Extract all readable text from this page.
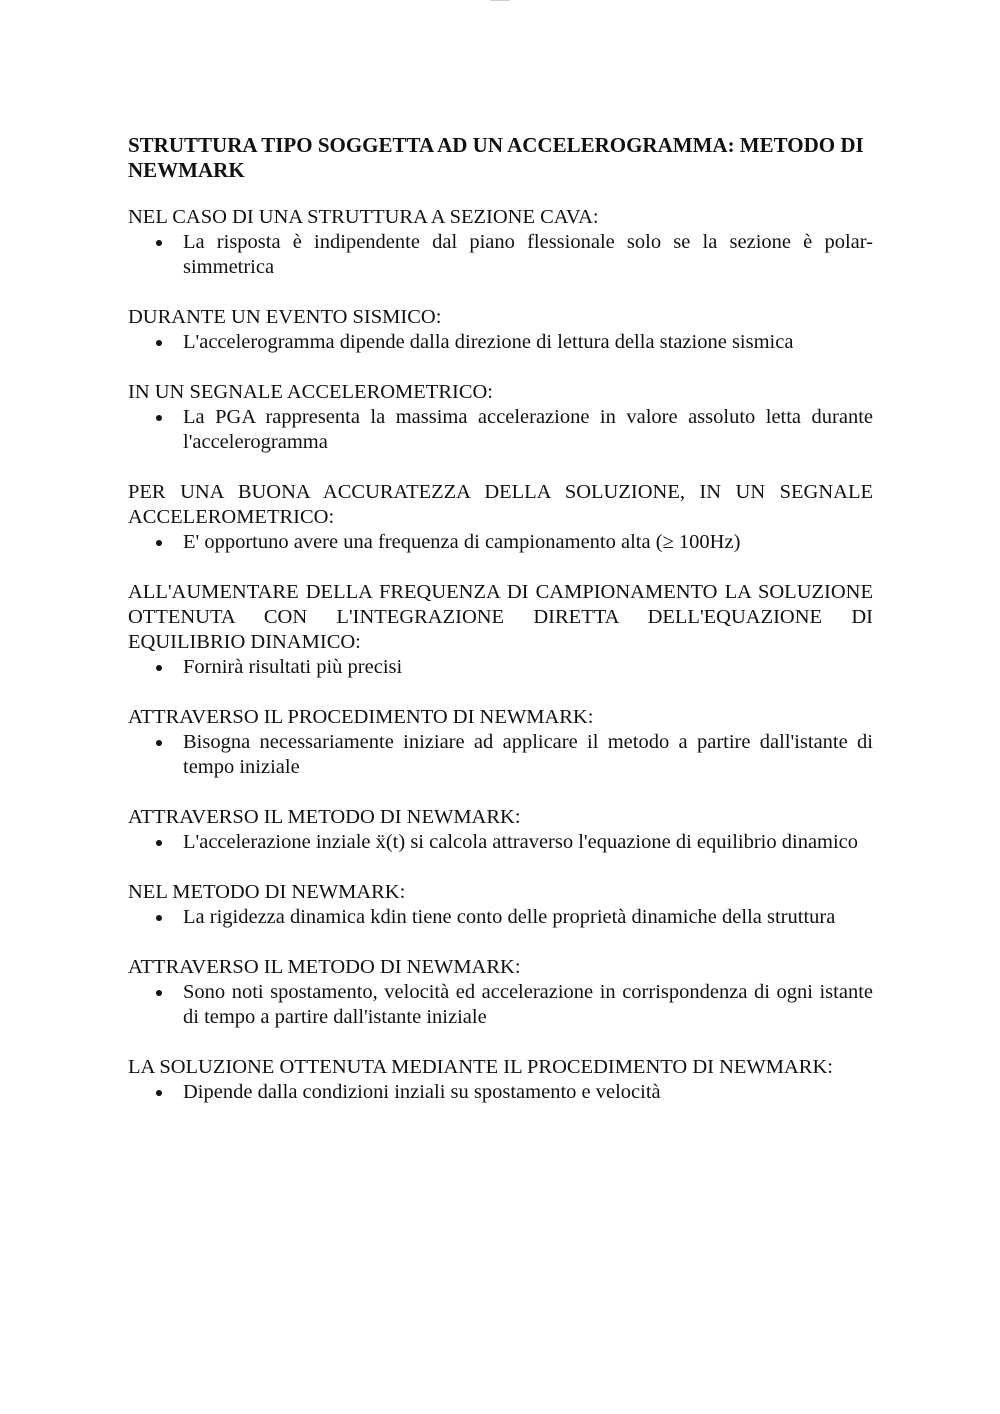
STRUTTURA TIPO SOGGETTA AD UN ACCELEROGRAMMA: METODO DI NEWMARK

NEL CASO DI UNA STRUTTURA A SEZIONE CAVA:

La risposta è indipendente dal piano flessionale solo se la sezione è polar-simmetrica

DURANTE UN EVENTO SISMICO:

L'accelerogramma dipende dalla direzione di lettura della stazione sismica

IN UN SEGNALE ACCELEROMETRICO:

La PGA rappresenta la massima accelerazione in valore assoluto letta durante l'accelerogramma

PER UNA BUONA ACCURATEZZA DELLA SOLUZIONE, IN UN SEGNALE ACCELEROMETRICO:

E' opportuno avere una frequenza di campionamento alta (≥ 100Hz)

ALL'AUMENTARE DELLA FREQUENZA DI CAMPIONAMENTO LA SOLUZIONE OTTENUTA CON L'INTEGRAZIONE DIRETTA DELL'EQUAZIONE DI EQUILIBRIO DINAMICO:

Fornirà risultati più precisi

ATTRAVERSO IL PROCEDIMENTO DI NEWMARK:

Bisogna necessariamente iniziare ad applicare il metodo a partire dall'istante di tempo iniziale

ATTRAVERSO IL METODO DI NEWMARK:

L'accelerazione inziale ẍ(t) si calcola attraverso l'equazione di equilibrio dinamico

NEL METODO DI NEWMARK:

La rigidezza dinamica kdin tiene conto delle proprietà dinamiche della struttura

ATTRAVERSO IL METODO DI NEWMARK:

Sono noti spostamento, velocità ed accelerazione in corrispondenza di ogni istante di tempo a partire dall'istante iniziale

LA SOLUZIONE OTTENUTA MEDIANTE IL PROCEDIMENTO DI NEWMARK:

Dipende dalla condizioni inziali su spostamento e velocità
